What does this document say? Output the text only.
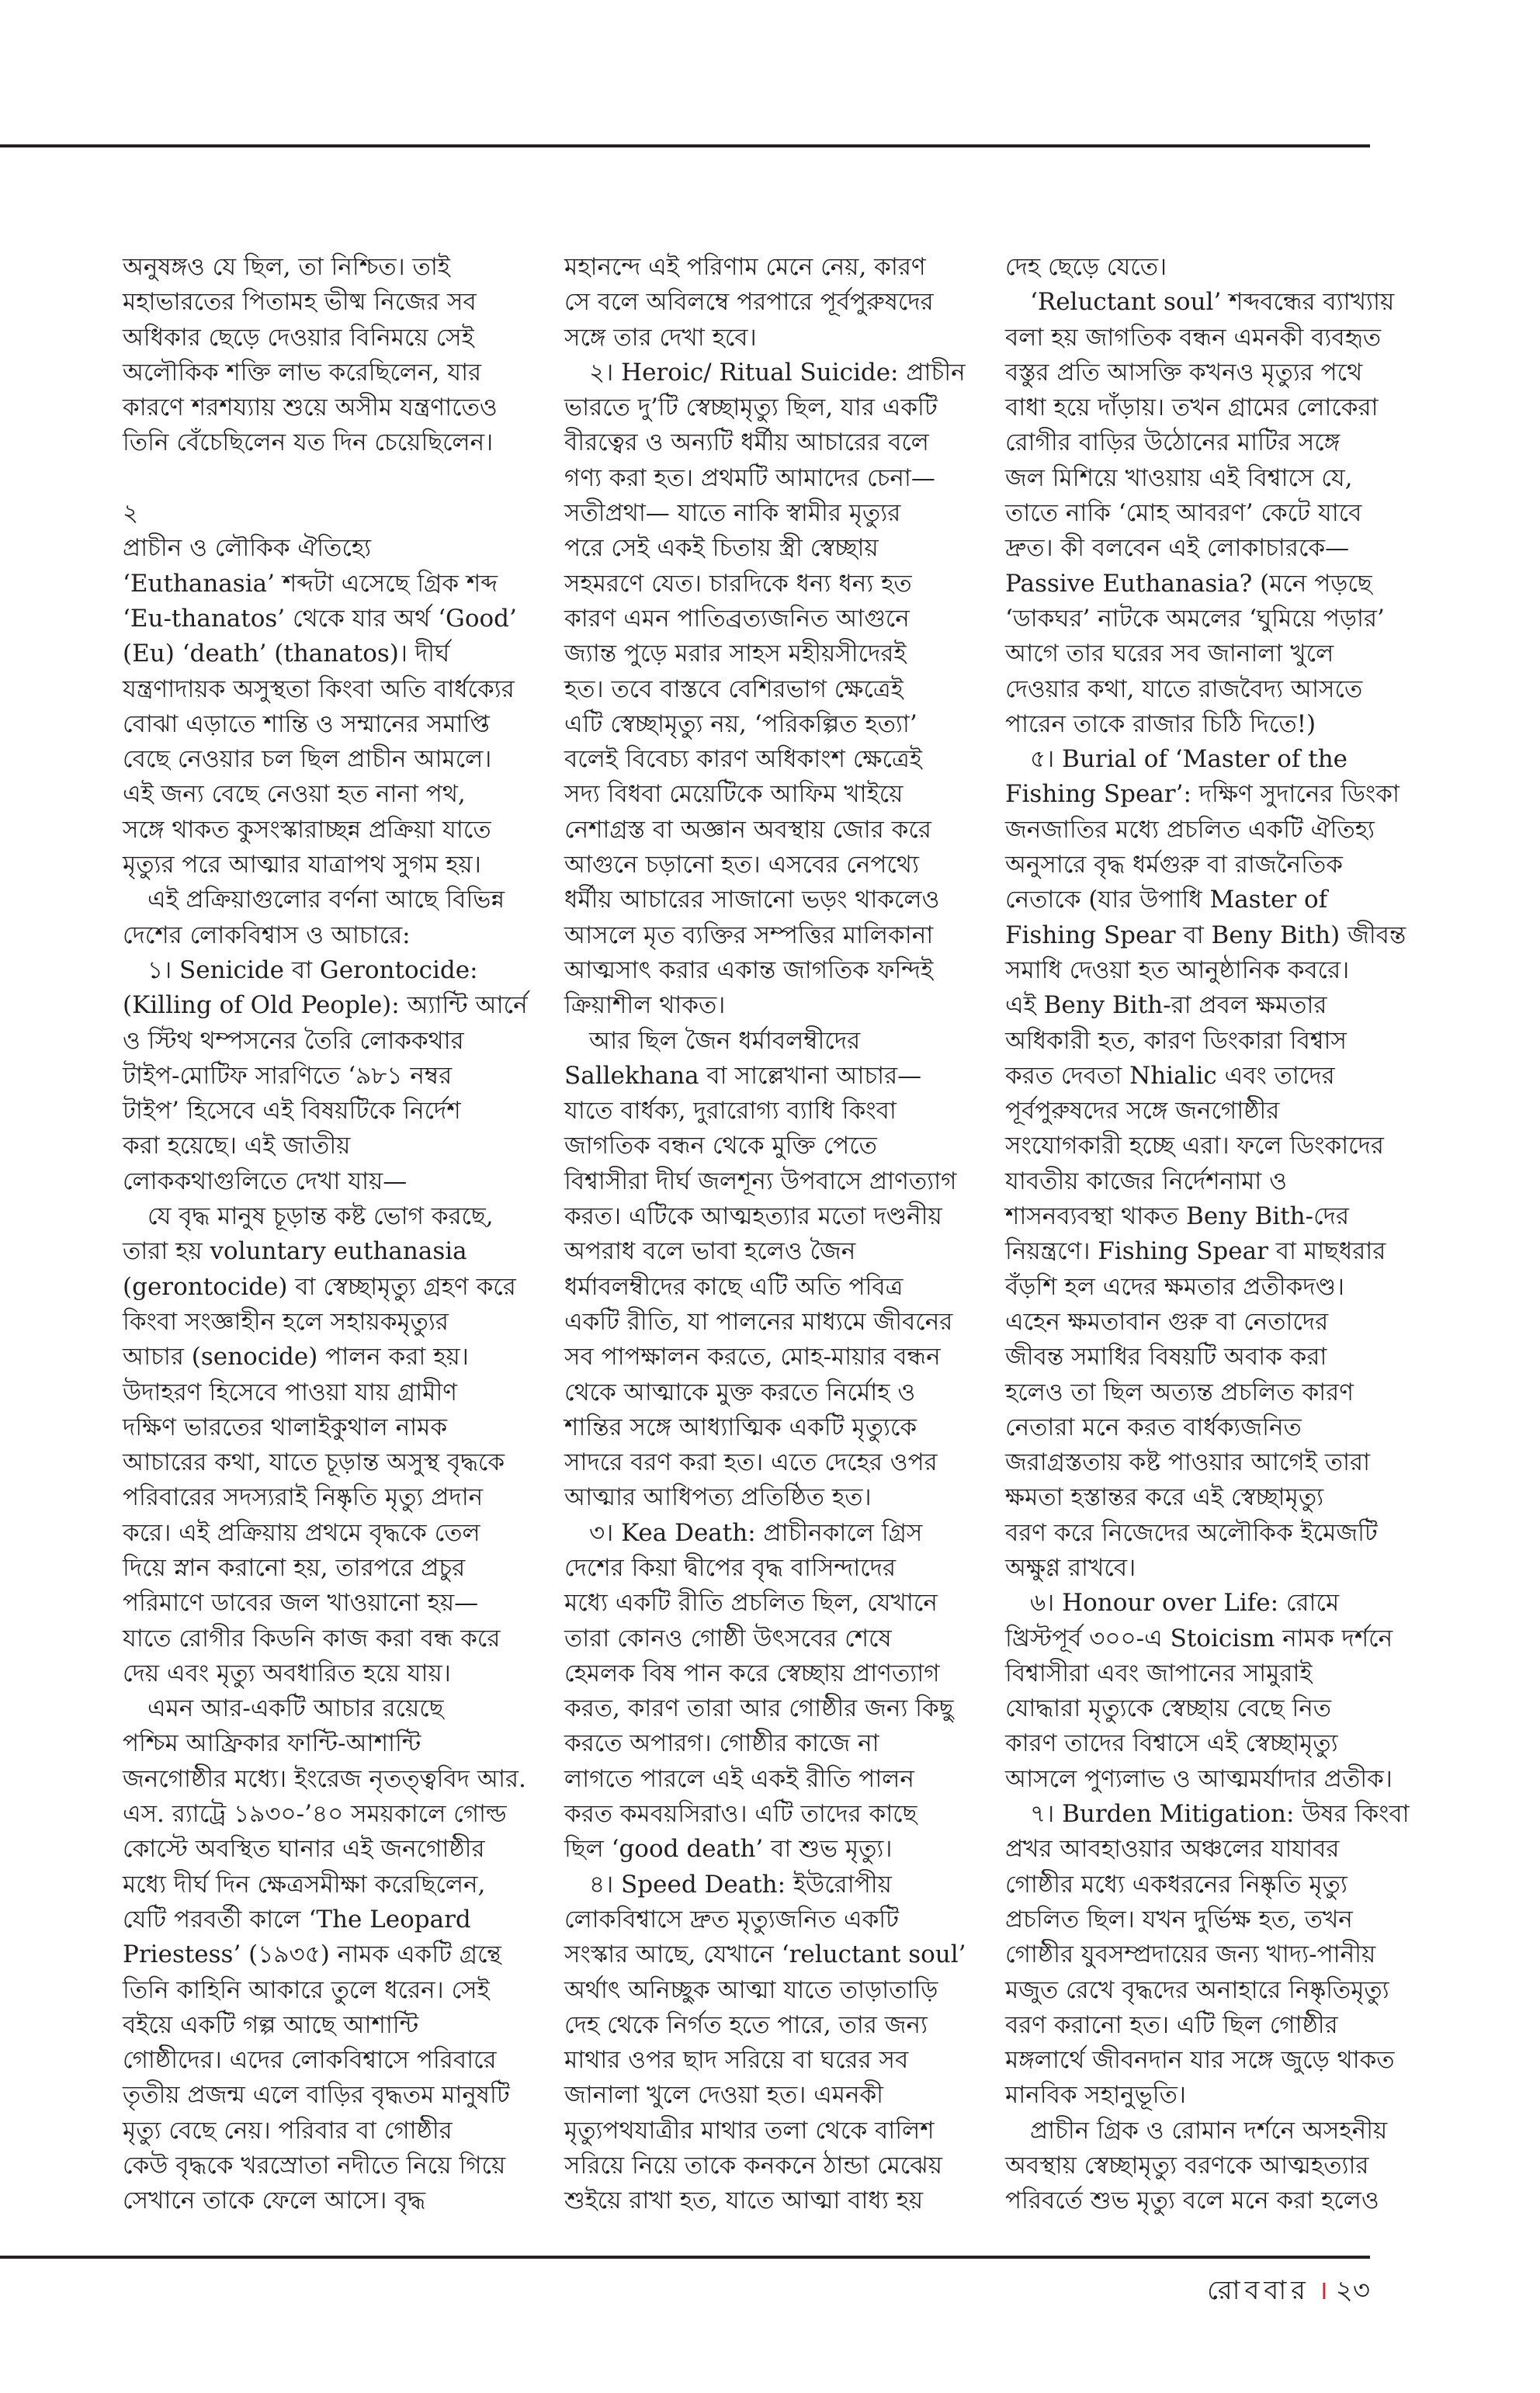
অনুষঙ্গও যে ছিল, তা নিশ্চিত। তাই
মহাভারতের পিতামহ ভীষ্ম নিজের সব
অধিকার ছেড়ে দেওয়ার বিনিময়ে সেই
অলৌকিক শক্তি লাভ করেছিলেন, যার
কারণে শরশয্যায় শুয়ে অসীম যন্ত্রণাতেও
তিনি বেঁচেছিলেন যত দিন চেয়েছিলেন।
২
প্রাচীন ও লৌকিক ঐতিহ্যে
‘Euthanasia’ শব্দটা এসেছে গ্রিক শব্দ
‘Eu-thanatos’ থেকে যার অর্থ ‘Good’
(Eu) ‘death’ (thanatos)। দীর্ঘ
যন্ত্রণাদায়ক অসুস্থতা কিংবা অতি বার্ধক্যের
বোঝা এড়াতে শান্তি ও সম্মানের সমাপ্তি
বেছে নেওয়ার চল ছিল প্রাচীন আমলে।
এই জন্য বেছে নেওয়া হত নানা পথ,
সঙ্গে থাকত কুসংস্কারাচ্ছন্ন প্রক্রিয়া যাতে
মৃত্যুর পরে আত্মার যাত্রাপথ সুগম হয়।
এই প্রক্রিয়াগুলোর বর্ণনা আছে বিভিন্ন
দেশের লোকবিশ্বাস ও আচারে:
১। Senicide বা Gerontocide:
(Killing of Old People): অ্যান্টি আর্নে
ও স্টিথ থম্পসনের তৈরি লোককথার
টাইপ-মোটিফ সারণিতে ‘৯৮১ নম্বর
টাইপ’ হিসেবে এই বিষয়টিকে নির্দেশ
করা হয়েছে। এই জাতীয়
লোককথাগুলিতে দেখা যায়—
যে বৃদ্ধ মানুষ চূড়ান্ত কষ্ট ভোগ করছে,
তারা হয় voluntary euthanasia
(gerontocide) বা স্বেচ্ছামৃত্যু গ্রহণ করে
কিংবা সংজ্ঞাহীন হলে সহায়কমৃত্যুর
আচার (senocide) পালন করা হয়।
উদাহরণ হিসেবে পাওয়া যায় গ্রামীণ
দক্ষিণ ভারতের থালাইকুথাল নামক
আচারের কথা, যাতে চূড়ান্ত অসুস্থ বৃদ্ধকে
পরিবারের সদস্যরাই নিষ্কৃতি মৃত্যু প্রদান
করে। এই প্রক্রিয়ায় প্রথমে বৃদ্ধকে তেল
দিয়ে স্নান করানো হয়, তারপরে প্রচুর
পরিমাণে ডাবের জল খাওয়ানো হয়—
যাতে রোগীর কিডনি কাজ করা বন্ধ করে
দেয় এবং মৃত্যু অবধারিত হয়ে যায়।
এমন আর-একটি আচার রয়েছে
পশ্চিম আফ্রিকার ফান্টি-আশান্টি
জনগোষ্ঠীর মধ্যে। ইংরেজ নৃতত্ত্ববিদ আর.
এস. র‍্যাট্রে ১৯৩০-’৪০ সময়কালে গোল্ড
কোস্টে অবস্থিত ঘানার এই জনগোষ্ঠীর
মধ্যে দীর্ঘ দিন ক্ষেত্রসমীক্ষা করেছিলেন,
যেটি পরবর্তী কালে ‘The Leopard
Priestess’ (১৯৩৫) নামক একটি গ্রন্থে
তিনি কাহিনি আকারে তুলে ধরেন। সেই
বইয়ে একটি গল্প আছে আশান্টি
গোষ্ঠীদের। এদের লোকবিশ্বাসে পরিবারে
তৃতীয় প্রজন্ম এলে বাড়ির বৃদ্ধতম মানুষটি
মৃত্যু বেছে নেয়। পরিবার বা গোষ্ঠীর
কেউ বৃদ্ধকে খরস্রোতা নদীতে নিয়ে গিয়ে
সেখানে তাকে ফেলে আসে। বৃদ্ধ
মহানন্দে এই পরিণাম মেনে নেয়, কারণ
সে বলে অবিলম্বে পরপারে পূর্বপুরুষদের
সঙ্গে তার দেখা হবে।
২। Heroic/ Ritual Suicide: প্রাচীন
ভারতে দু’টি স্বেচ্ছামৃত্যু ছিল, যার একটি
বীরত্বের ও অন্যটি ধর্মীয় আচারের বলে
গণ্য করা হত। প্রথমটি আমাদের চেনা—
সতীপ্রথা— যাতে নাকি স্বামীর মৃত্যুর
পরে সেই একই চিতায় স্ত্রী স্বেচ্ছায়
সহমরণে যেত। চারদিকে ধন্য ধন্য হত
কারণ এমন পাতিব্রত্যজনিত আগুনে
জ্যান্ত পুড়ে মরার সাহস মহীয়সীদেরই
হত। তবে বাস্তবে বেশিরভাগ ক্ষেত্রেই
এটি স্বেচ্ছামৃত্যু নয়, ‘পরিকল্পিত হত্যা’
বলেই বিবেচ্য কারণ অধিকাংশ ক্ষেত্রেই
সদ্য বিধবা মেয়েটিকে আফিম খাইয়ে
নেশাগ্রস্ত বা অজ্ঞান অবস্থায় জোর করে
আগুনে চড়ানো হত। এসবের নেপথ্যে
ধর্মীয় আচারের সাজানো ভড়ং থাকলেও
আসলে মৃত ব্যক্তির সম্পত্তির মালিকানা
আত্মসাৎ করার একান্ত জাগতিক ফন্দিই
ক্রিয়াশীল থাকত।
আর ছিল জৈন ধর্মাবলম্বীদের
Sallekhana বা সাল্লেখানা আচার—
যাতে বার্ধক্য, দুরারোগ্য ব্যাধি কিংবা
জাগতিক বন্ধন থেকে মুক্তি পেতে
বিশ্বাসীরা দীর্ঘ জলশূন্য উপবাসে প্রাণত্যাগ
করত। এটিকে আত্মহত্যার মতো দণ্ডনীয়
অপরাধ বলে ভাবা হলেও জৈন
ধর্মাবলম্বীদের কাছে এটি অতি পবিত্র
একটি রীতি, যা পালনের মাধ্যমে জীবনের
সব পাপক্ষালন করতে, মোহ-মায়ার বন্ধন
থেকে আত্মাকে মুক্ত করতে নির্মোহ ও
শান্তির সঙ্গে আধ্যাত্মিক একটি মৃত্যুকে
সাদরে বরণ করা হত। এতে দেহের ওপর
আত্মার আধিপত্য প্রতিষ্ঠিত হত।
৩। Kea Death: প্রাচীনকালে গ্রিস
দেশের কিয়া দ্বীপের বৃদ্ধ বাসিন্দাদের
মধ্যে একটি রীতি প্রচলিত ছিল, যেখানে
তারা কোনও গোষ্ঠী উৎসবের শেষে
হেমলক বিষ পান করে স্বেচ্ছায় প্রাণত্যাগ
করত, কারণ তারা আর গোষ্ঠীর জন্য কিছু
করতে অপারগ। গোষ্ঠীর কাজে না
লাগতে পারলে এই একই রীতি পালন
করত কমবয়সিরাও। এটি তাদের কাছে
ছিল ‘good death’ বা শুভ মৃত্যু।
৪। Speed Death: ইউরোপীয়
লোকবিশ্বাসে দ্রুত মৃত্যুজনিত একটি
সংস্কার আছে, যেখানে ‘reluctant soul’
অর্থাৎ অনিচ্ছুক আত্মা যাতে তাড়াতাড়ি
দেহ থেকে নির্গত হতে পারে, তার জন্য
মাথার ওপর ছাদ সরিয়ে বা ঘরের সব
জানালা খুলে দেওয়া হত। এমনকী
মৃত্যুপথযাত্রীর মাথার তলা থেকে বালিশ
সরিয়ে নিয়ে তাকে কনকনে ঠান্ডা মেঝেয়
শুইয়ে রাখা হত, যাতে আত্মা বাধ্য হয়
দেহ ছেড়ে যেতে।
‘Reluctant soul’ শব্দবন্ধের ব্যাখ্যায়
বলা হয় জাগতিক বন্ধন এমনকী ব্যবহৃত
বস্তুর প্রতি আসক্তি কখনও মৃত্যুর পথে
বাধা হয়ে দাঁড়ায়। তখন গ্রামের লোকেরা
রোগীর বাড়ির উঠোনের মাটির সঙ্গে
জল মিশিয়ে খাওয়ায় এই বিশ্বাসে যে,
তাতে নাকি ‘মোহ আবরণ’ কেটে যাবে
দ্রুত। কী বলবেন এই লোকাচারকে—
Passive Euthanasia? (মনে পড়ছে
‘ডাকঘর’ নাটকে অমলের ‘ঘুমিয়ে পড়ার’
আগে তার ঘরের সব জানালা খুলে
দেওয়ার কথা, যাতে রাজবৈদ্য আসতে
পারেন তাকে রাজার চিঠি দিতে!)
৫। Burial of ‘Master of the
Fishing Spear’: দক্ষিণ সুদানের ডিংকা
জনজাতির মধ্যে প্রচলিত একটি ঐতিহ্য
অনুসারে বৃদ্ধ ধর্মগুরু বা রাজনৈতিক
নেতাকে (যার উপাধি Master of
Fishing Spear বা Beny Bith) জীবন্ত
সমাধি দেওয়া হত আনুষ্ঠানিক কবরে।
এই Beny Bith-রা প্রবল ক্ষমতার
অধিকারী হত, কারণ ডিংকারা বিশ্বাস
করত দেবতা Nhialic এবং তাদের
পূর্বপুরুষদের সঙ্গে জনগোষ্ঠীর
সংযোগকারী হচ্ছে এরা। ফলে ডিংকাদের
যাবতীয় কাজের নির্দেশনামা ও
শাসনব্যবস্থা থাকত Beny Bith-দের
নিয়ন্ত্রণে। Fishing Spear বা মাছধরার
বঁড়শি হল এদের ক্ষমতার প্রতীকদণ্ড।
এহেন ক্ষমতাবান গুরু বা নেতাদের
জীবন্ত সমাধির বিষয়টি অবাক করা
হলেও তা ছিল অত্যন্ত প্রচলিত কারণ
নেতারা মনে করত বার্ধক্যজনিত
জরাগ্রস্ততায় কষ্ট পাওয়ার আগেই তারা
ক্ষমতা হস্তান্তর করে এই স্বেচ্ছামৃত্যু
বরণ করে নিজেদের অলৌকিক ইমেজটি
অক্ষুণ্ণ রাখবে।
৬। Honour over Life: রোমে
খ্রিস্টপূর্ব ৩০০-এ Stoicism নামক দর্শনে
বিশ্বাসীরা এবং জাপানের সামুরাই
যোদ্ধারা মৃত্যুকে স্বেচ্ছায় বেছে নিত
কারণ তাদের বিশ্বাসে এই স্বেচ্ছামৃত্যু
আসলে পুণ্যলাভ ও আত্মমর্যাদার প্রতীক।
৭। Burden Mitigation: উষর কিংবা
প্রখর আবহাওয়ার অঞ্চলের যাযাবর
গোষ্ঠীর মধ্যে একধরনের নিষ্কৃতি মৃত্যু
প্রচলিত ছিল। যখন দুর্ভিক্ষ হত, তখন
গোষ্ঠীর যুবসম্প্রদায়ের জন্য খাদ্য-পানীয়
মজুত রেখে বৃদ্ধদের অনাহারে নিষ্কৃতিমৃত্যু
বরণ করানো হত। এটি ছিল গোষ্ঠীর
মঙ্গলার্থে জীবনদান যার সঙ্গে জুড়ে থাকত
মানবিক সহানুভূতি।
প্রাচীন গ্রিক ও রোমান দর্শনে অসহনীয়
অবস্থায় স্বেচ্ছামৃত্যু বরণকে আত্মহত্যার
পরিবর্তে শুভ মৃত্যু বলে মনে করা হলেও
রোববার । ২৩
